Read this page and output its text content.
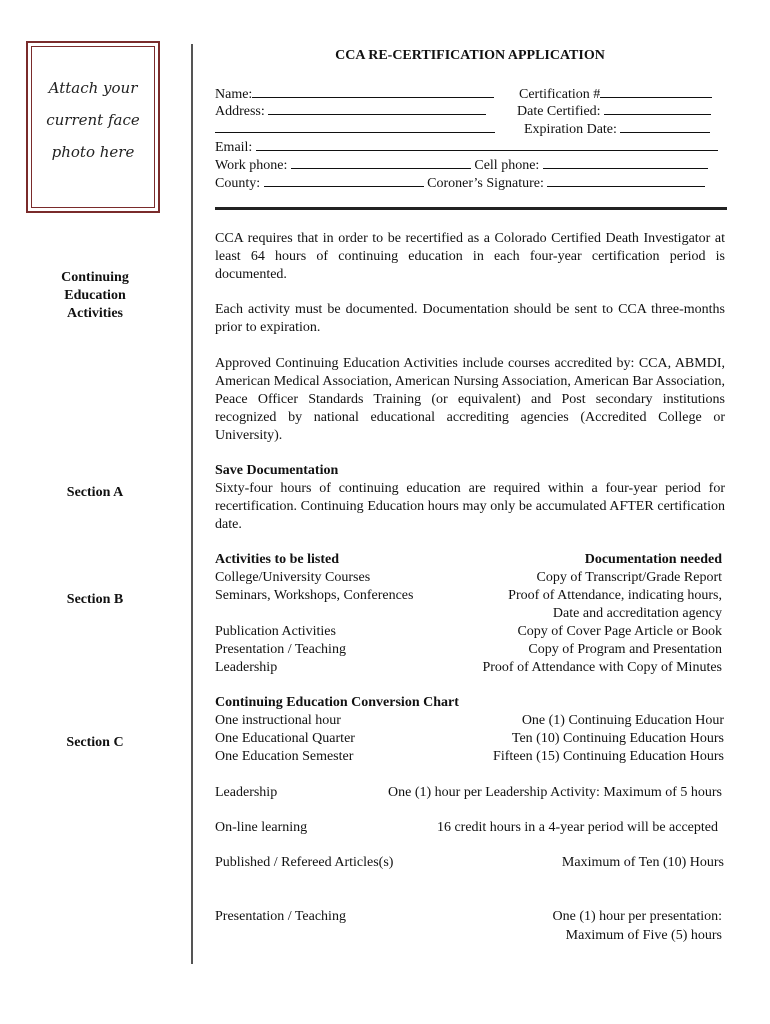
Attach your
current face
photo here
CCA RE-CERTIFICATION APPLICATION
Name:	Certification #
Address:	Date Certified:
Expiration Date:
Email:
Work phone:	Cell phone:
County:	Coroner’s Signature:
Continuing Education Activities
Section A
Section B
Section C
CCA requires that in order to be recertified as a Colorado Certified Death Investigator at least 64 hours of continuing education in each four-year certification period is documented.
Each activity must be documented. Documentation should be sent to CCA three-months prior to expiration.
Approved Continuing Education Activities include courses accredited by: CCA, ABMDI, American Medical Association, American Nursing Association, American Bar Association, Peace Officer Standards Training (or equivalent) and Post secondary institutions recognized by national educational accrediting agencies (Accredited College or University).
Save Documentation
Sixty-four hours of continuing education are required within a four-year period for recertification. Continuing Education hours may only be accumulated AFTER certification date.
Activities to be listed	Documentation needed
College/University Courses	Copy of Transcript/Grade Report
Seminars, Workshops, Conferences	Proof of Attendance, indicating hours,
Date and accreditation agency
Publication Activities	Copy of Cover Page Article or Book
Presentation / Teaching	Copy of Program and Presentation
Leadership	Proof of Attendance with Copy of Minutes
Continuing Education Conversion Chart
One instructional hour	One (1) Continuing Education Hour
One Educational Quarter	Ten (10) Continuing Education Hours
One Education Semester	Fifteen (15) Continuing Education Hours
Leadership	One (1) hour per Leadership Activity: Maximum of 5 hours
On-line learning	16 credit hours in a 4-year period will be accepted
Published / Refereed Articles(s)	Maximum of Ten (10) Hours
Presentation / Teaching	One (1) hour per presentation:
Maximum of Five (5) hours
